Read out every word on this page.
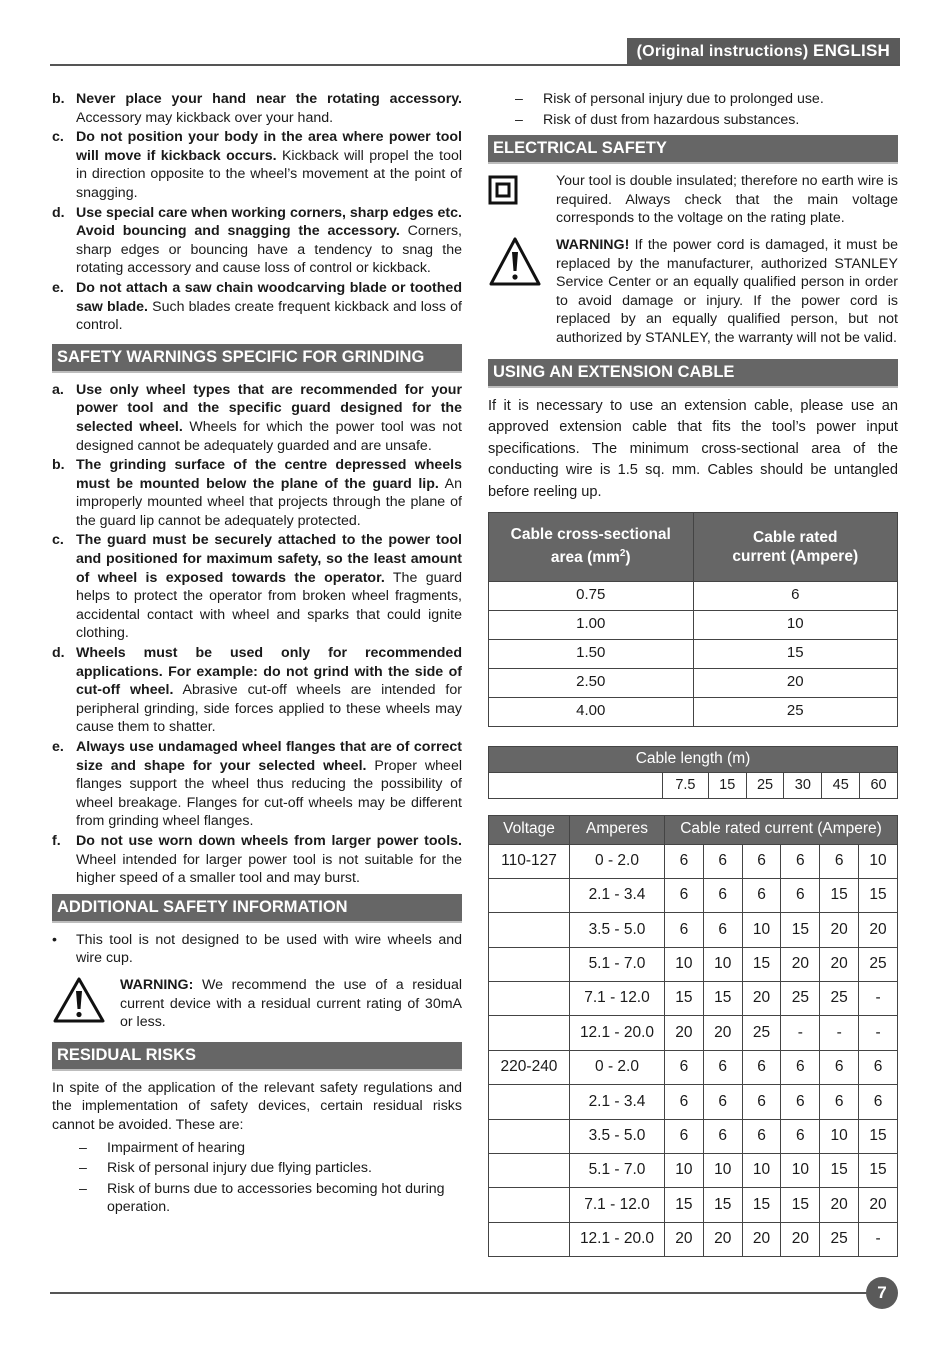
(Original instructions) ENGLISH
b. Never place your hand near the rotating accessory. Accessory may kickback over your hand.
c. Do not position your body in the area where power tool will move if kickback occurs. Kickback will propel the tool in direction opposite to the wheel’s movement at the point of snagging.
d. Use special care when working corners, sharp edges etc. Avoid bouncing and snagging the accessory. Corners, sharp edges or bouncing have a tendency to snag the rotating accessory and cause loss of control or kickback.
e. Do not attach a saw chain woodcarving blade or toothed saw blade. Such blades create frequent kickback and loss of control.
SAFETY WARNINGS SPECIFIC FOR GRINDING
a. Use only wheel types that are recommended for your power tool and the specific guard designed for the selected wheel. Wheels for which the power tool was not designed cannot be adequately guarded and are unsafe.
b. The grinding surface of the centre depressed wheels must be mounted below the plane of the guard lip. An improperly mounted wheel that projects through the plane of the guard lip cannot be adequately protected.
c. The guard must be securely attached to the power tool and positioned for maximum safety, so the least amount of wheel is exposed towards the operator. The guard helps to protect the operator from broken wheel fragments, accidental contact with wheel and sparks that could ignite clothing.
d. Wheels must be used only for recommended applications. For example: do not grind with the side of cut-off wheel. Abrasive cut-off wheels are intended for peripheral grinding, side forces applied to these wheels may cause them to shatter.
e. Always use undamaged wheel flanges that are of correct size and shape for your selected wheel. Proper wheel flanges support the wheel thus reducing the possibility of wheel breakage. Flanges for cut-off wheels may be different from grinding wheel flanges.
f. Do not use worn down wheels from larger power tools. Wheel intended for larger power tool is not suitable for the higher speed of a smaller tool and may burst.
ADDITIONAL SAFETY INFORMATION
• This tool is not designed to be used with wire wheels and wire cup.
WARNING: We recommend the use of a residual current device with a residual current rating of 30mA or less.
RESIDUAL RISKS
In spite of the application of the relevant safety regulations and the implementation of safety devices, certain residual risks cannot be avoided. These are:
–	Impairment of hearing
–	Risk of personal injury due flying particles.
–	Risk of burns due to accessories becoming hot during operation.
–	Risk of personal injury due to prolonged use.
–	Risk of dust from hazardous substances.
ELECTRICAL SAFETY
Your tool is double insulated; therefore no earth wire is required. Always check that the main voltage corresponds to the voltage on the rating plate.
WARNING! If the power cord is damaged, it must be replaced by the manufacturer, authorized STANLEY Service Center or an equally qualified person in order to avoid damage or injury. If the power cord is replaced by an equally qualified person, but not authorized by STANLEY, the warranty will not be valid.
USING AN EXTENSION CABLE
If it is necessary to use an extension cable, please use an approved extension cable that fits the tool’s power input specifications. The minimum cross-sectional area of the conducting wire is 1.5 sq. mm. Cables should be untangled before reeling up.
Cable cross-sectional
area $(mm^2)$	Cable rated
current (Ampere)
0.75	6
1.00	10
1.50	15
2.50	20
4.00	25
Cable length (m)
	7.5	15	25	30	45	60
Voltage	Amperes	Cable rated current (Ampere)					
110-127	0 - 2.0	6	6	6	6	6	10
	2.1 - 3.4	6	6	6	6	15	15
	3.5 - 5.0	6	6	10	15	20	20
	5.1 - 7.0	10	10	15	20	20	25
	7.1 - 12.0	15	15	20	25	25	-
	12.1 - 20.0	20	20	25	-	-	-
220-240	0 - 2.0	6	6	6	6	6	6
	2.1 - 3.4	6	6	6	6	6	6
	3.5 - 5.0	6	6	6	6	10	15
	5.1 - 7.0	10	10	10	10	15	15
	7.1 - 12.0	15	15	15	15	20	20
	12.1 - 20.0	20	20	20	20	25	-
7
